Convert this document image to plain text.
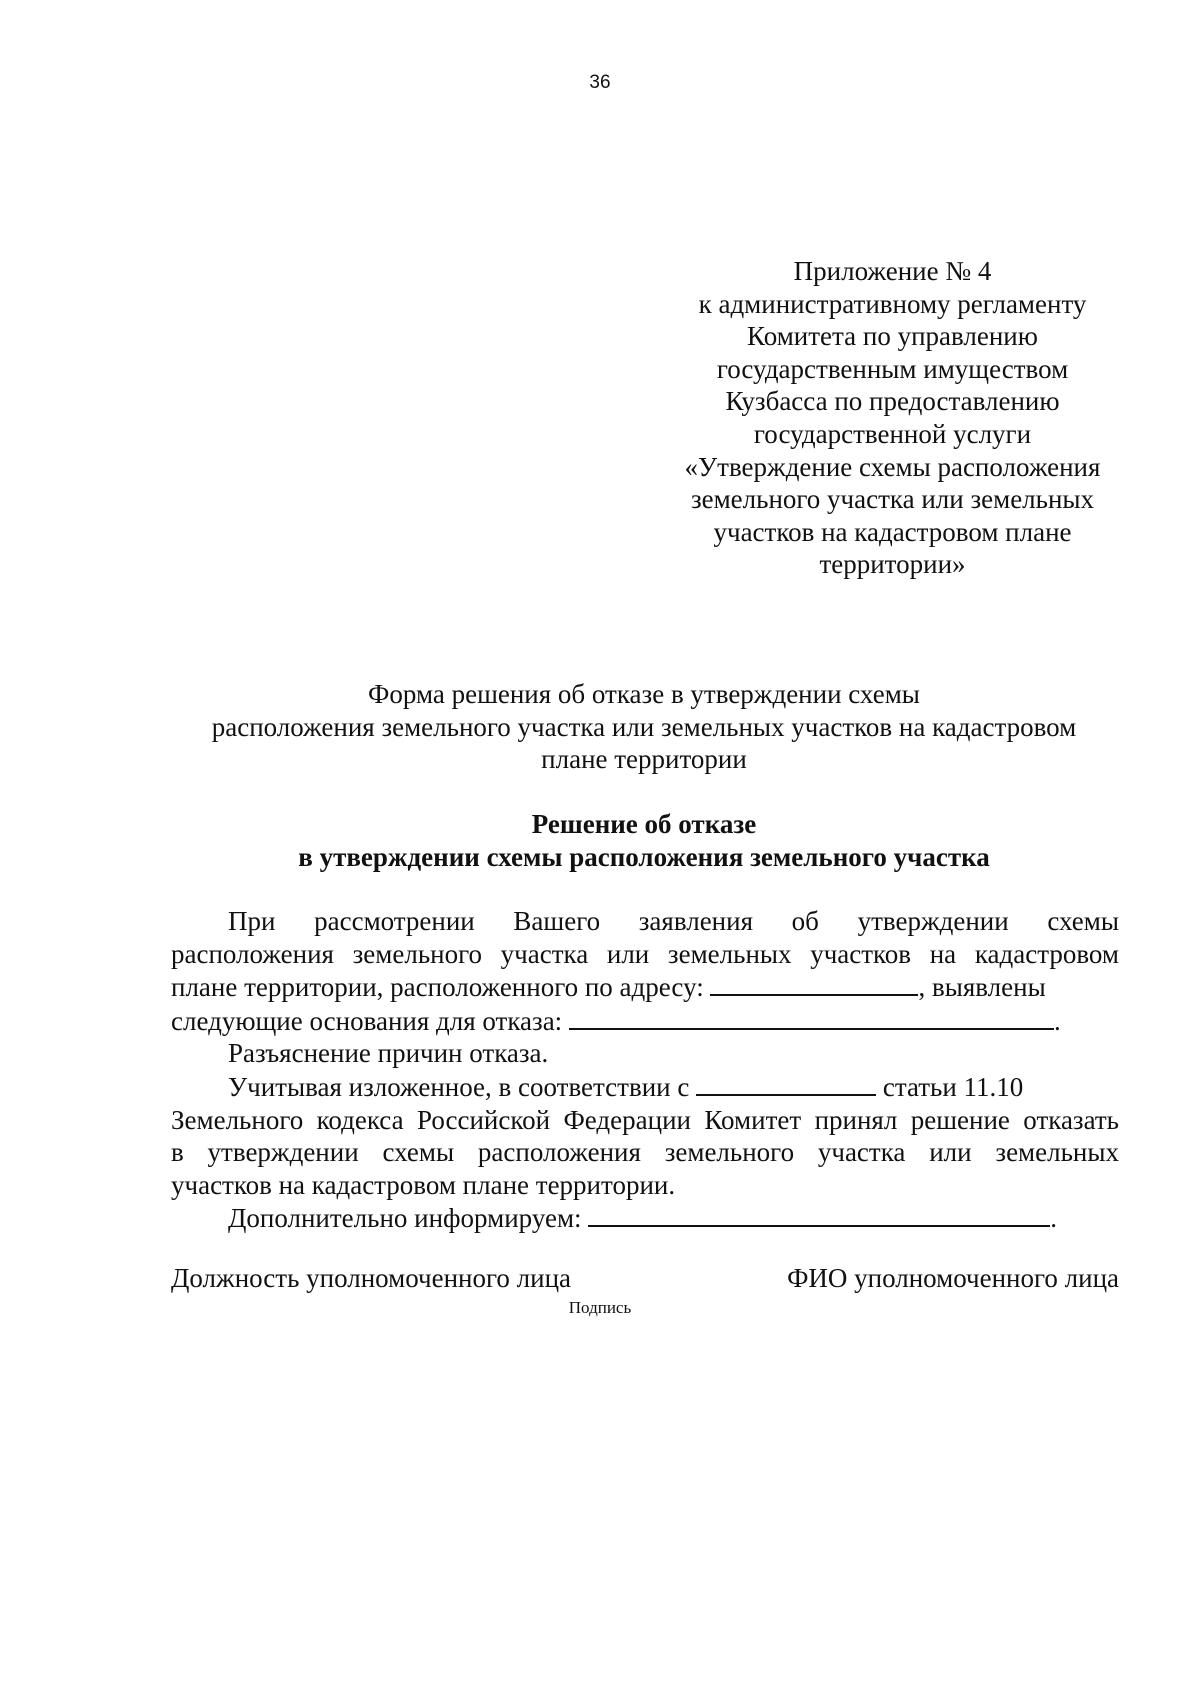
36
Приложение № 4
к административному регламенту
Комитета по управлению
государственным имуществом
Кузбасса по предоставлению
государственной услуги
«Утверждение схемы расположения
земельного участка или земельных
участков на кадастровом плане
территории»
Форма решения об отказе в утверждении схемы
расположения земельного участка или земельных участков на кадастровом
плане территории
Решение об отказе
в утверждении схемы расположения земельного участка
При рассмотрении Вашего заявления об утверждении схемы
расположения земельного участка или земельных участков на кадастровом
плане территории, расположенного по адресу:	, выявлены
следующие основания для отказа:	.
Разъяснение причин отказа.
Учитывая изложенное, в соответствии с	статьи 11.10
Земельного кодекса Российской Федерации Комитет принял решение отказать
в утверждении схемы расположения земельного участка или земельных
участков на кадастровом плане территории.
Дополнительно информируем:	.
Должность уполномоченного лица	ФИО уполномоченного лица
Подпись
